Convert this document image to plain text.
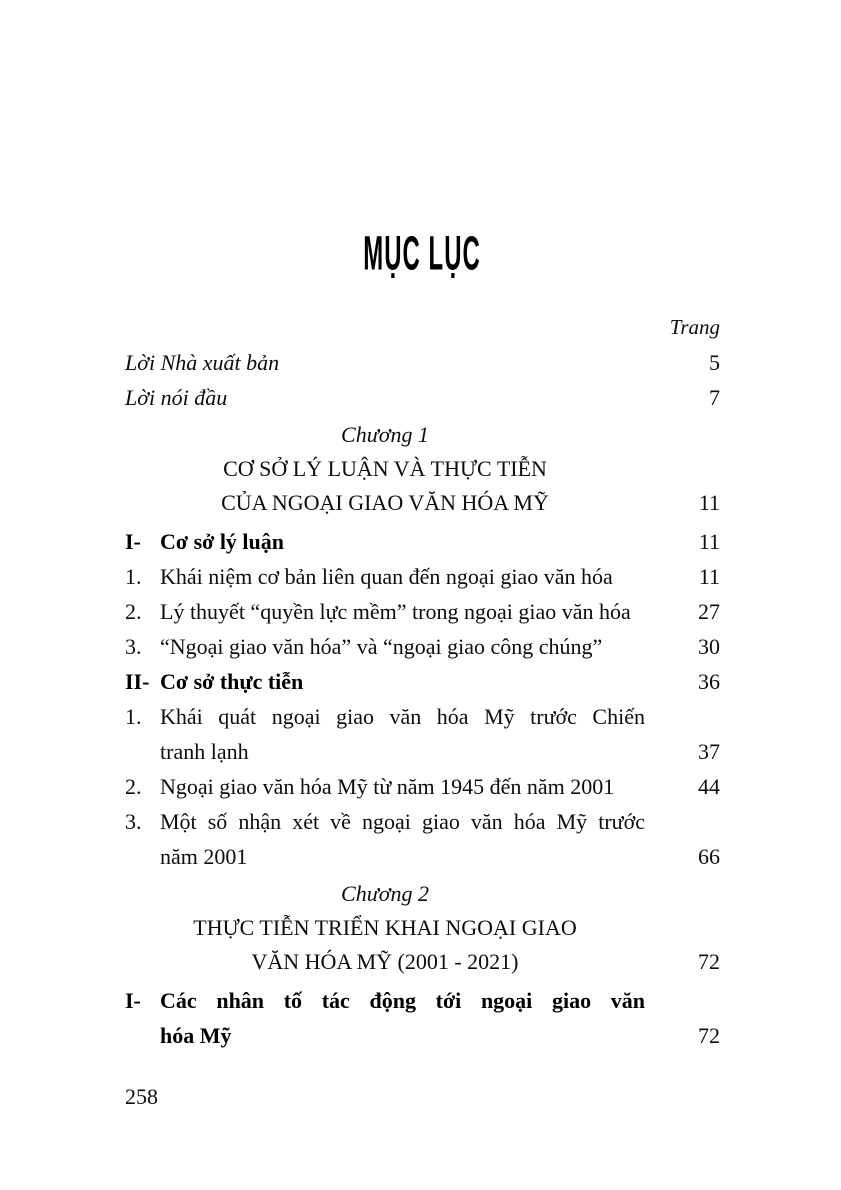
MỤC LỤC
Trang
Lời Nhà xuất bản	5
Lời nói đầu	7
Chương 1
CƠ SỞ LÝ LUẬN VÀ THỰC TIỄN
CỦA NGOẠI GIAO VĂN HÓA MỸ	11
I- Cơ sở lý luận	11
1. Khái niệm cơ bản liên quan đến ngoại giao văn hóa	11
2. Lý thuyết “quyền lực mềm” trong ngoại giao văn hóa	27
3. “Ngoại giao văn hóa” và “ngoại giao công chúng”	30
II- Cơ sở thực tiễn	36
1. Khái quát ngoại giao văn hóa Mỹ trước Chiến
tranh lạnh	37
2. Ngoại giao văn hóa Mỹ từ năm 1945 đến năm 2001	44
3. Một số nhận xét về ngoại giao văn hóa Mỹ trước
năm 2001	66
Chương 2
THỰC TIỄN TRIỂN KHAI NGOẠI GIAO
VĂN HÓA MỸ (2001 - 2021)	72
I- Các nhân tố tác động tới ngoại giao văn
hóa Mỹ	72
258
